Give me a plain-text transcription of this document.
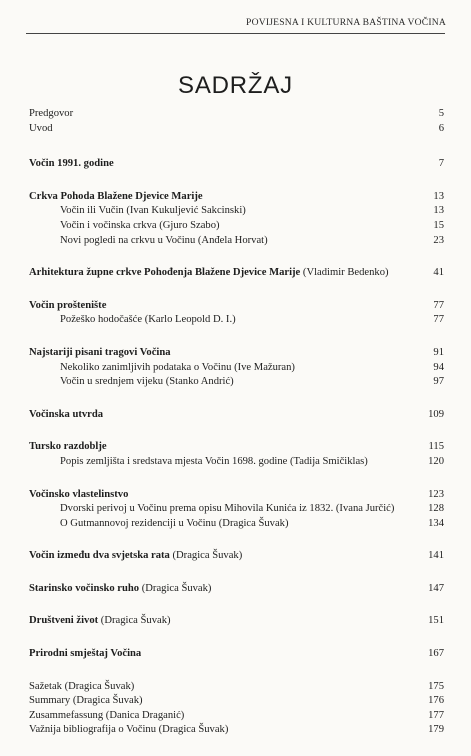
POVIJESNA I KULTURNA BAŠTINA VOČINA
SADRŽAJ
Predgovor	5
Uvod	6
Vočin 1991. godine	7
Crkva Pohoda Blažene Djevice Marije	13
Vočin ili Vučin (Ivan Kukuljević Sakcinski)	13
Vočin i vočinska crkva (Gjuro Szabo)	15
Novi pogledi na crkvu u Vočinu (Anđela Horvat)	23
Arhitektura župne crkve Pohođenja Blažene Djevice Marije (Vladimir Bedenko)	41
Vočin proštenište	77
Požeško hodočašće (Karlo Leopold D. I.)	77
Najstariji pisani tragovi Vočina	91
Nekoliko zanimljivih podataka o Vočinu (Ive Mažuran)	94
Vočin u srednjem vijeku (Stanko Andrić)	97
Vočinska utvrda	109
Tursko razdoblje	115
Popis zemljišta i sredstava mjesta Vočin 1698. godine (Tadija Smičiklas)	120
Vočinsko vlastelinstvo	123
Dvorski perivoj u Vočinu prema opisu Mihovila Kunića iz 1832. (Ivana Jurčić)	128
O Gutmannovoj rezidenciji u Vočinu (Dragica Šuvak)	134
Vočin između dva svjetska rata (Dragica Šuvak)	141
Starinsko vočinsko ruho (Dragica Šuvak)	147
Društveni život (Dragica Šuvak)	151
Prirodni smještaj Vočina	167
Sažetak (Dragica Šuvak)	175
Summary (Dragica Šuvak)	176
Zusammefassung (Danica Draganić)	177
Važnija bibliografija o Vočinu (Dragica Šuvak)	179
